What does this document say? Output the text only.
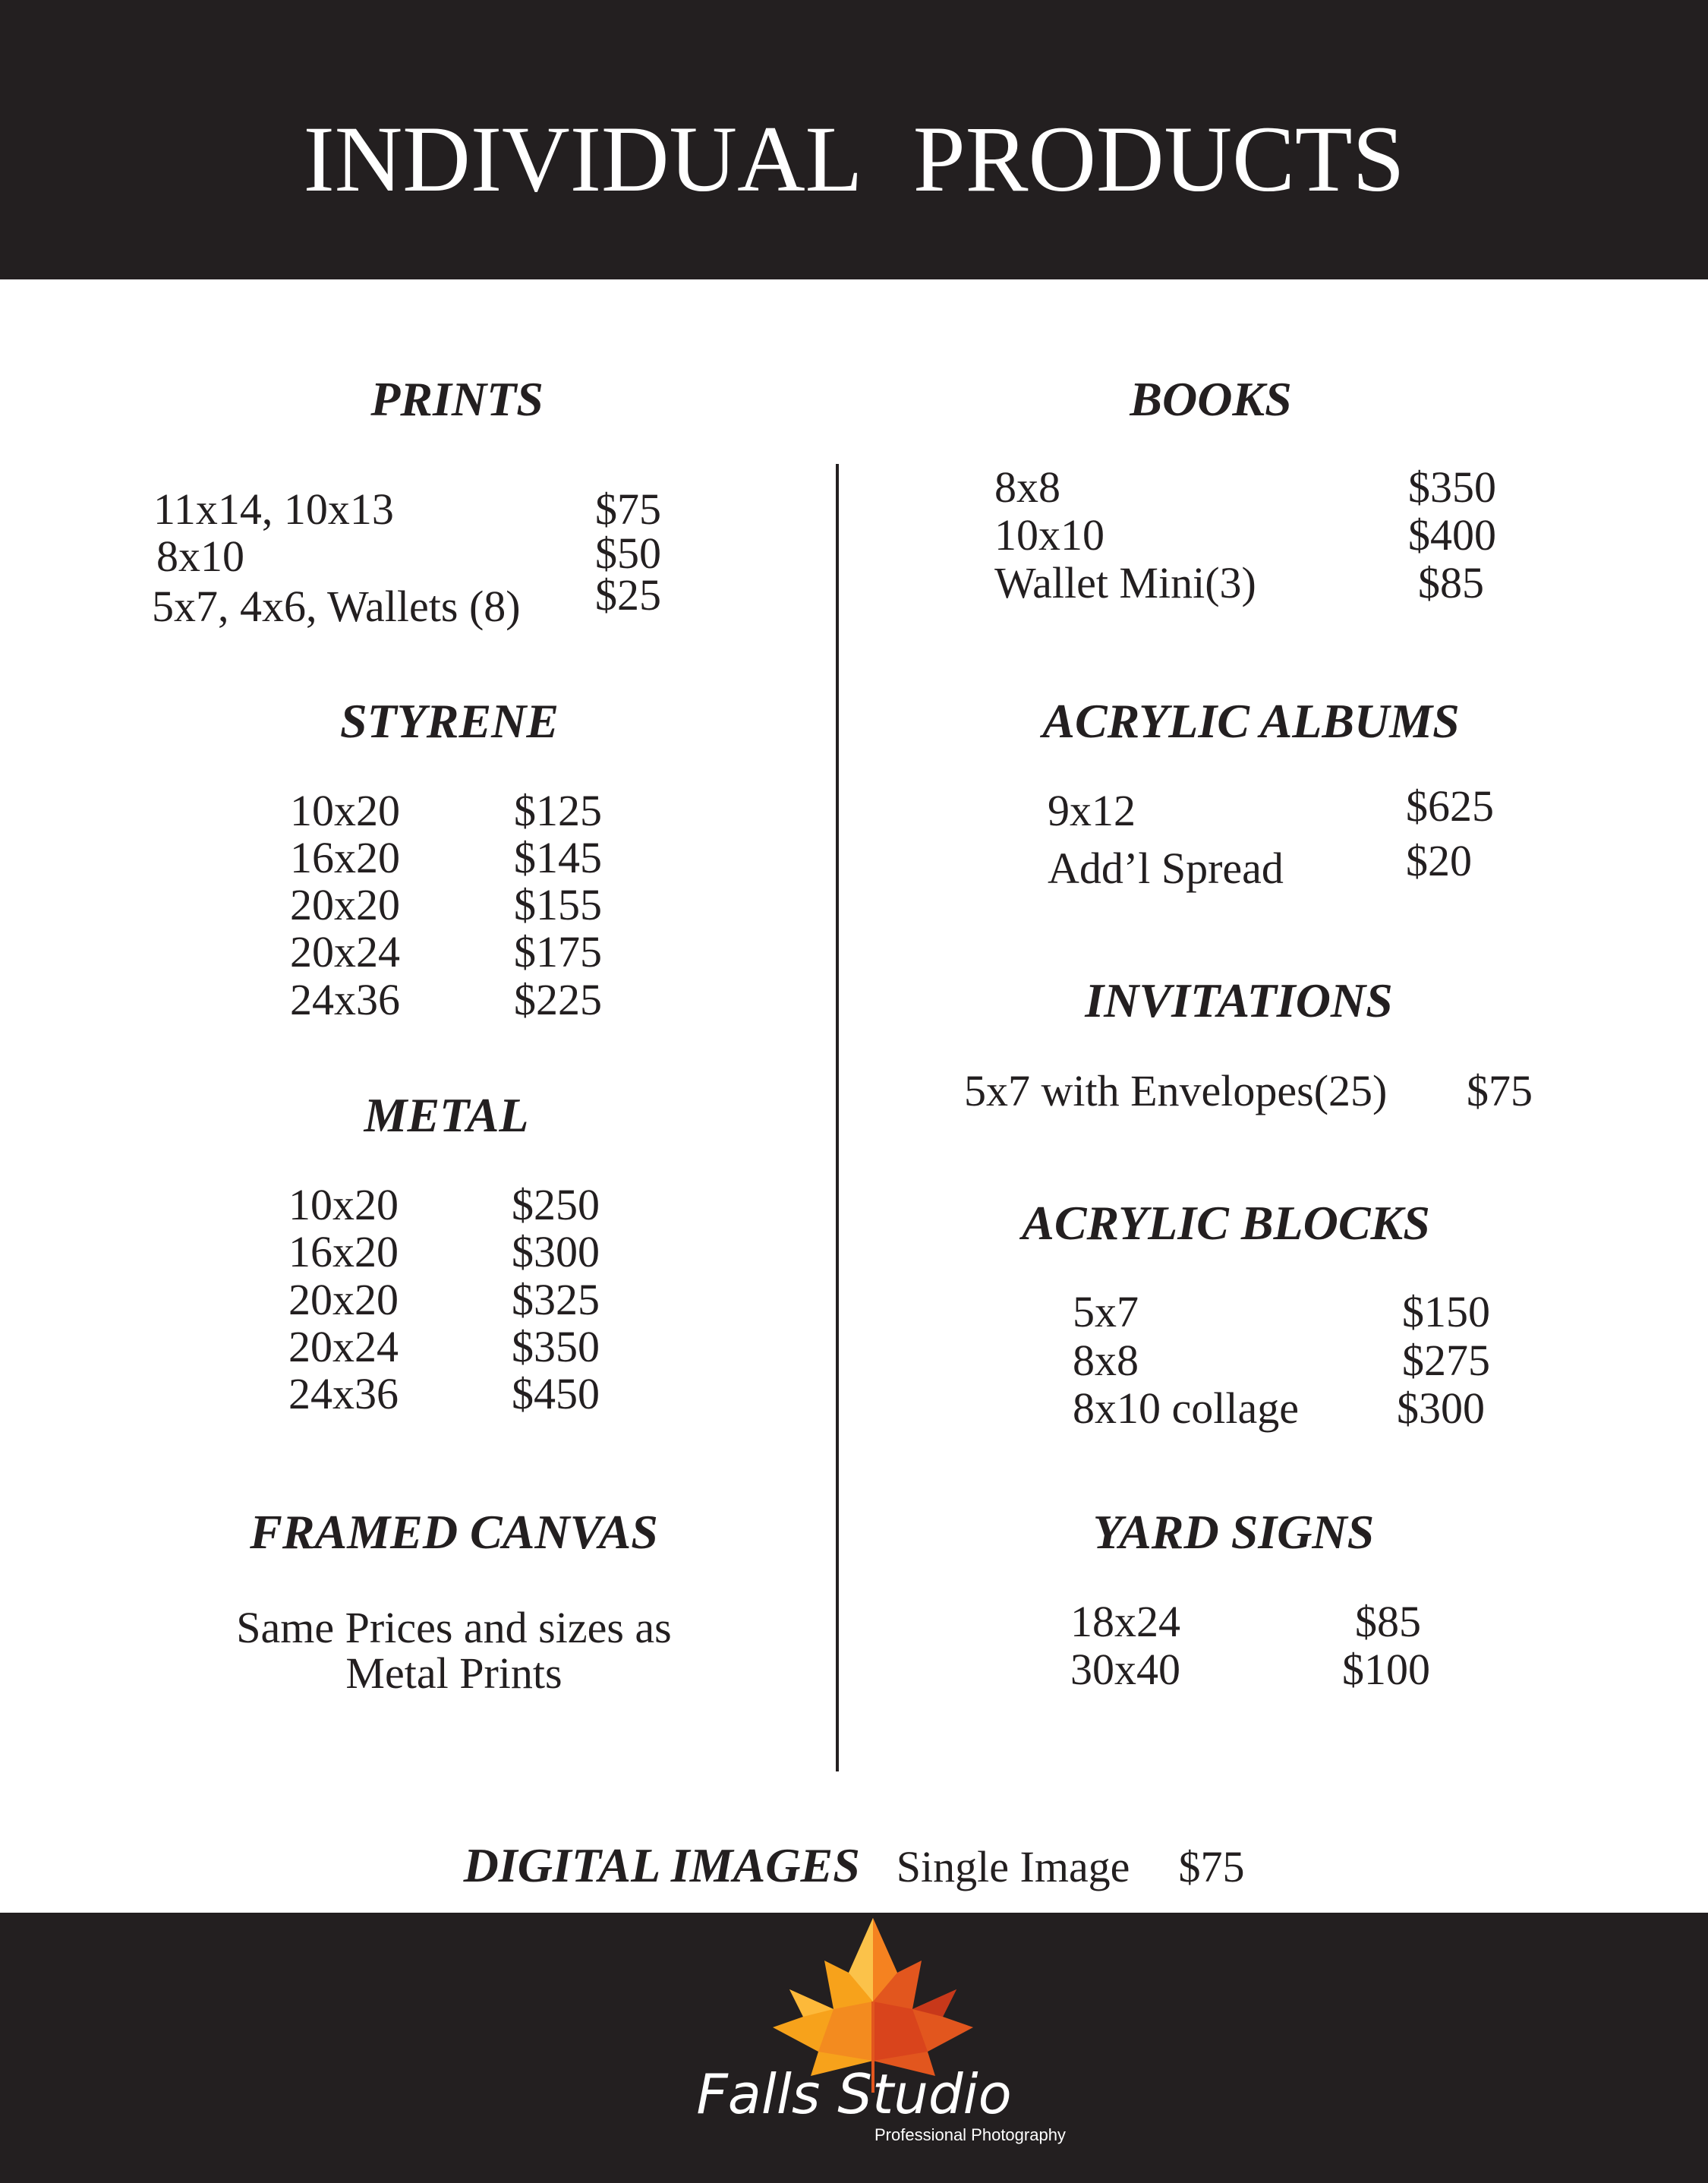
INDIVIDUAL PRODUCTS
PRINTS
11x14, 10x13	$75
8x10	$50
5x7, 4x6, Wallets (8) $25
STYRENE
10x20	$125
16x20	$145
20x20	$155
20x24	$175
24x36	$225
METAL
10x20	$250
16x20	$300
20x20	$325
20x24	$350
24x36	$450
FRAMED CANVAS
Same Prices and sizes as
Metal Prints
BOOKS
8x8	$350
10x10	$400
Wallet Mini(3)	$85
ACRYLIC ALBUMS
9x12	$625
Add’l Spread	$20
INVITATIONS
5x7 with Envelopes(25) $75
ACRYLIC BLOCKS
5x7	$150
8x8	$275
8x10 collage $300
YARD SIGNS
18x24	$85
30x40	$100
DIGITAL IMAGES Single Image $75
Falls Studio
Professional Photography
